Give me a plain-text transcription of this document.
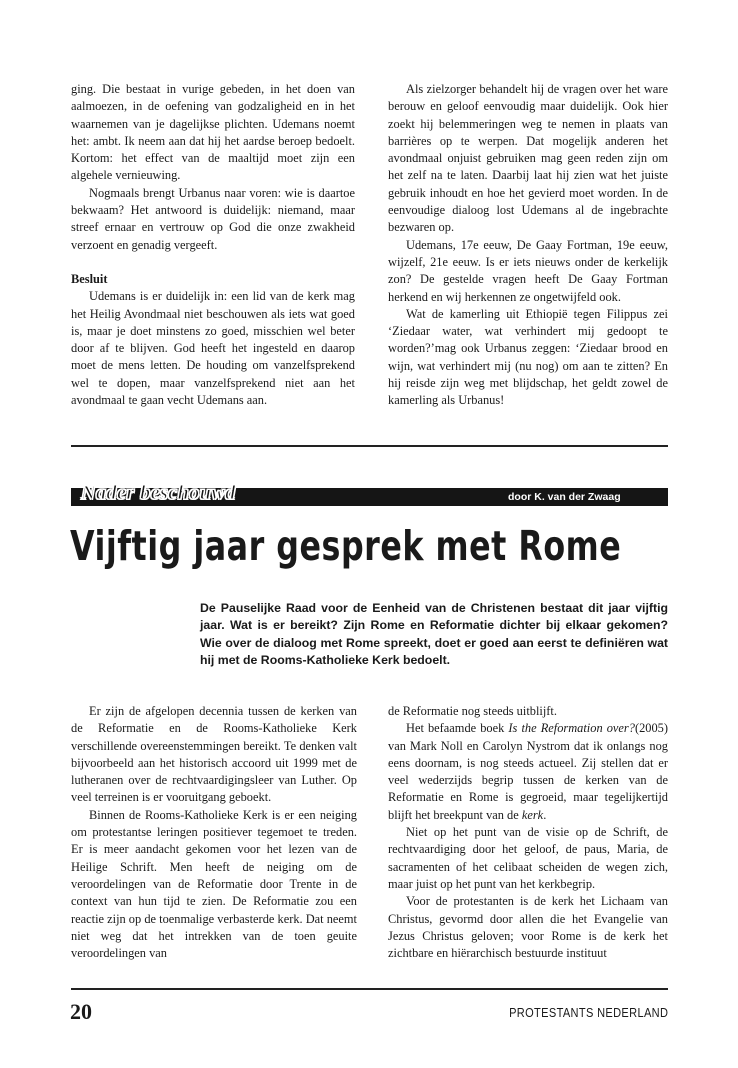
ging. Die bestaat in vurige gebeden, in het doen van aalmoezen, in de oefening van godzaligheid en in het waarnemen van je dagelijkse plichten. Udemans noemt het: ambt. Ik neem aan dat hij het aardse beroep bedoelt. Kortom: het effect van de maaltijd moet zijn een algehele vernieuwing.

Nogmaals brengt Urbanus naar voren: wie is daartoe bekwaam? Het antwoord is duidelijk: niemand, maar streef ernaar en vertrouw op God die onze zwakheid verzoent en genadig vergeeft.

Besluit

Udemans is er duidelijk in: een lid van de kerk mag het Heilig Avondmaal niet beschouwen als iets wat goed is, maar je doet minstens zo goed, misschien wel beter door af te blijven. God heeft het ingesteld en daarop moet de mens letten. De houding om vanzelfsprekend wel te dopen, maar vanzelfsprekend niet aan het avondmaal te gaan vecht Udemans aan.

Als zielzorger behandelt hij de vragen over het ware berouw en geloof eenvoudig maar duidelijk. Ook hier zoekt hij belemmeringen weg te nemen in plaats van barrières op te werpen. Dat mogelijk anderen het avondmaal onjuist gebruiken mag geen reden zijn om het zelf na te laten. Daarbij laat hij zien wat het juiste gebruik inhoudt en hoe het gevierd moet worden. In de eenvoudige dialoog lost Udemans al de ingebrachte bezwaren op.

Udemans, 17e eeuw, De Gaay Fortman, 19e eeuw, wijzelf, 21e eeuw. Is er iets nieuws onder de kerkelijk zon? De gestelde vragen heeft De Gaay Fortman herkend en wij herkennen ze ongetwijfeld ook.

Wat de kamerling uit Ethiopië tegen Filippus zei ‘Ziedaar water, wat verhindert mij gedoopt te worden?’mag ook Urbanus zeggen: ‘Ziedaar brood en wijn, wat verhindert mij (nu nog) om aan te zitten? En hij reisde zijn weg met blijdschap, het geldt zowel de kamerling als Urbanus!

Nader beschouwd	door K. van der Zwaag
Vijftig jaar gesprek met Rome

De Pauselijke Raad voor de Eenheid van de Christenen bestaat dit jaar vijftig jaar. Wat is er bereikt? Zijn Rome en Reformatie dichter bij elkaar gekomen? Wie over de dialoog met Rome spreekt, doet er goed aan eerst te definiëren wat hij met de Rooms-Katholieke Kerk bedoelt.

Er zijn de afgelopen decennia tussen de kerken van de Reformatie en de Rooms-Katholieke Kerk verschillende overeenstemmingen bereikt. Te denken valt bijvoorbeeld aan het historisch accoord uit 1999 met de lutheranen over de rechtvaardigingsleer van Luther. Op veel terreinen is er vooruitgang geboekt.

Binnen de Rooms-Katholieke Kerk is er een neiging om protestantse leringen positiever tegemoet te treden. Er is meer aandacht gekomen voor het lezen van de Heilige Schrift. Men heeft de neiging om de veroordelingen van de Reformatie door Trente in de context van hun tijd te zien. De Reformatie zou een reactie zijn op de toenmalige verbasterde kerk. Dat neemt niet weg dat het intrekken van de toen geuite veroordelingen van

de Reformatie nog steeds uitblijft.

Het befaamde boek Is the Reformation over?(2005) van Mark Noll en Carolyn Nystrom dat ik onlangs nog eens doornam, is nog steeds actueel. Zij stellen dat er veel wederzijds begrip tussen de kerken van de Reformatie en Rome is gegroeid, maar tegelijkertijd blijft het breekpunt van de kerk.

Niet op het punt van de visie op de Schrift, de rechtvaardiging door het geloof, de paus, Maria, de sacramenten of het celibaat scheiden de wegen zich, maar juist op het punt van het kerkbegrip.

Voor de protestanten is de kerk het Lichaam van Christus, gevormd door allen die het Evangelie van Jezus Christus geloven; voor Rome is de kerk het zichtbare en hiërarchisch bestuurde instituut

20	PROTESTANTS NEDERLAND
